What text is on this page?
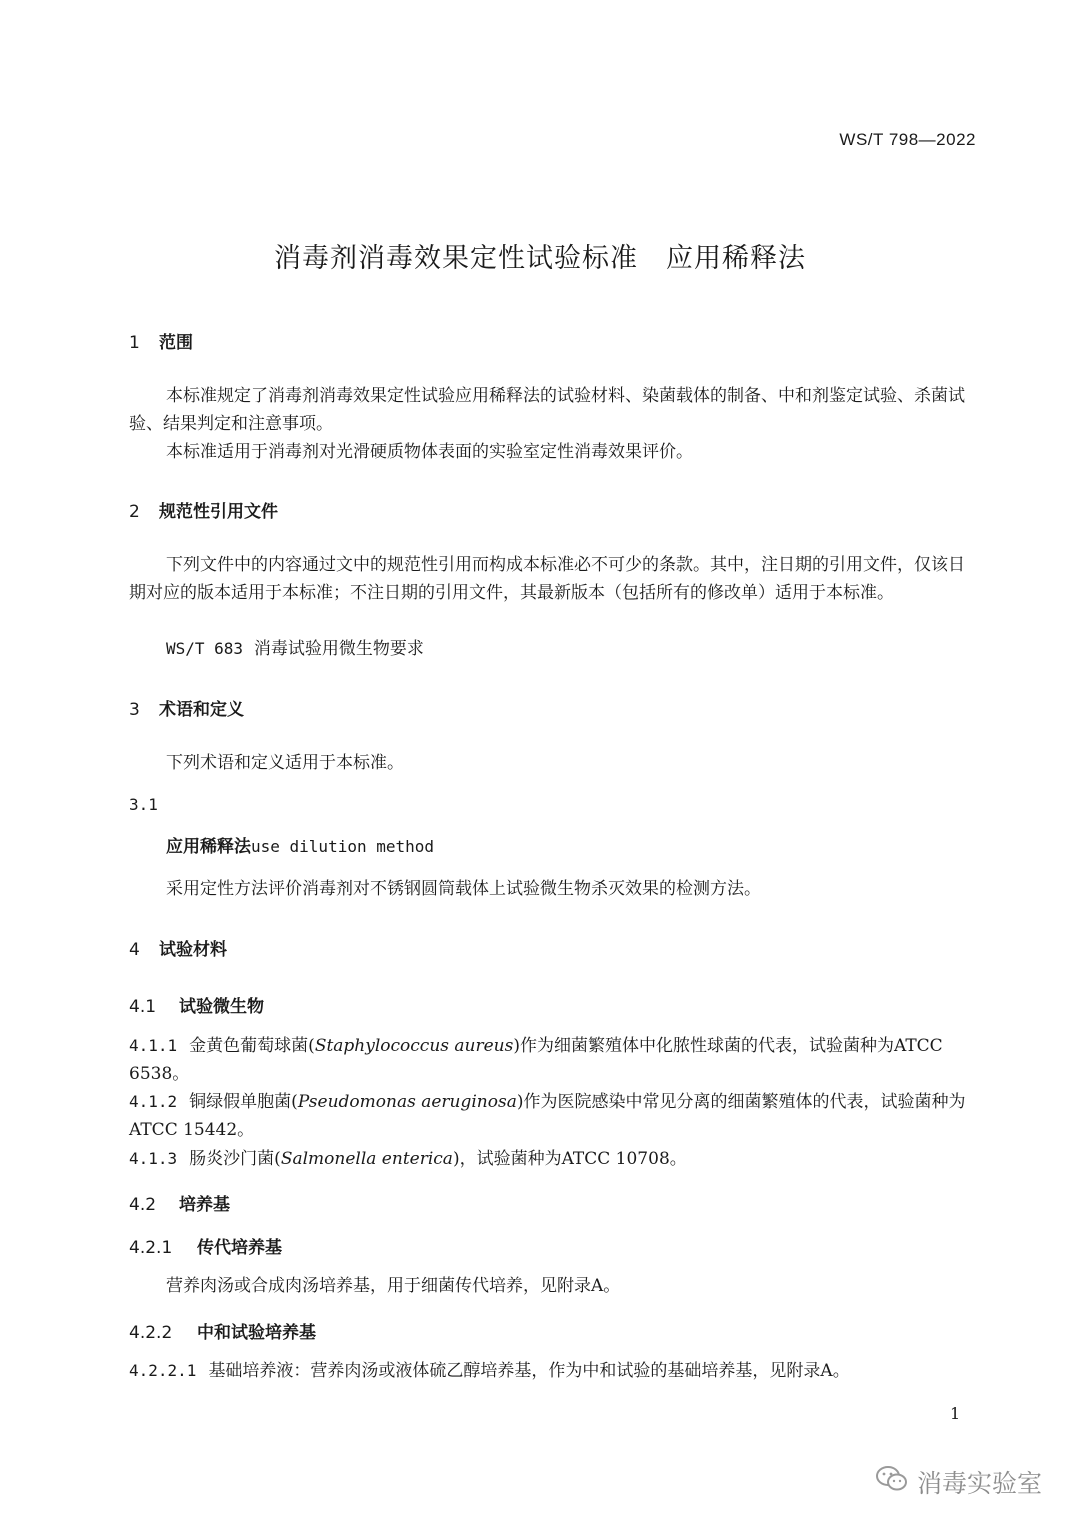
WS/T 798—2022
消毒剂消毒效果定性试验标准　应用稀释法
1 范围
本标准规定了消毒剂消毒效果定性试验应用稀释法的试验材料、染菌载体的制备、中和剂鉴定试验、杀菌试验、结果判定和注意事项。
本标准适用于消毒剂对光滑硬质物体表面的实验室定性消毒效果评价。
2 规范性引用文件
下列文件中的内容通过文中的规范性引用而构成本标准必不可少的条款。其中，注日期的引用文件，仅该日期对应的版本适用于本标准；不注日期的引用文件，其最新版本（包括所有的修改单）适用于本标准。
WS/T 683 消毒试验用微生物要求
3 术语和定义
下列术语和定义适用于本标准。
3.1
应用稀释法use dilution method
采用定性方法评价消毒剂对不锈钢圆筒载体上试验微生物杀灭效果的检测方法。
4 试验材料
4.1 试验微生物
4.1.1 金黄色葡萄球菌(Staphylococcus aureus)作为细菌繁殖体中化脓性球菌的代表，试验菌种为ATCC 6538。
4.1.2 铜绿假单胞菌(Pseudomonas aeruginosa)作为医院感染中常见分离的细菌繁殖体的代表，试验菌种为ATCC 15442。
4.1.3 肠炎沙门菌(Salmonella enterica)，试验菌种为ATCC 10708。
4.2 培养基
4.2.1 传代培养基
营养肉汤或合成肉汤培养基，用于细菌传代培养，见附录A。
4.2.2 中和试验培养基
4.2.2.1 基础培养液：营养肉汤或液体硫乙醇培养基，作为中和试验的基础培养基，见附录A。
1
消毒实验室
